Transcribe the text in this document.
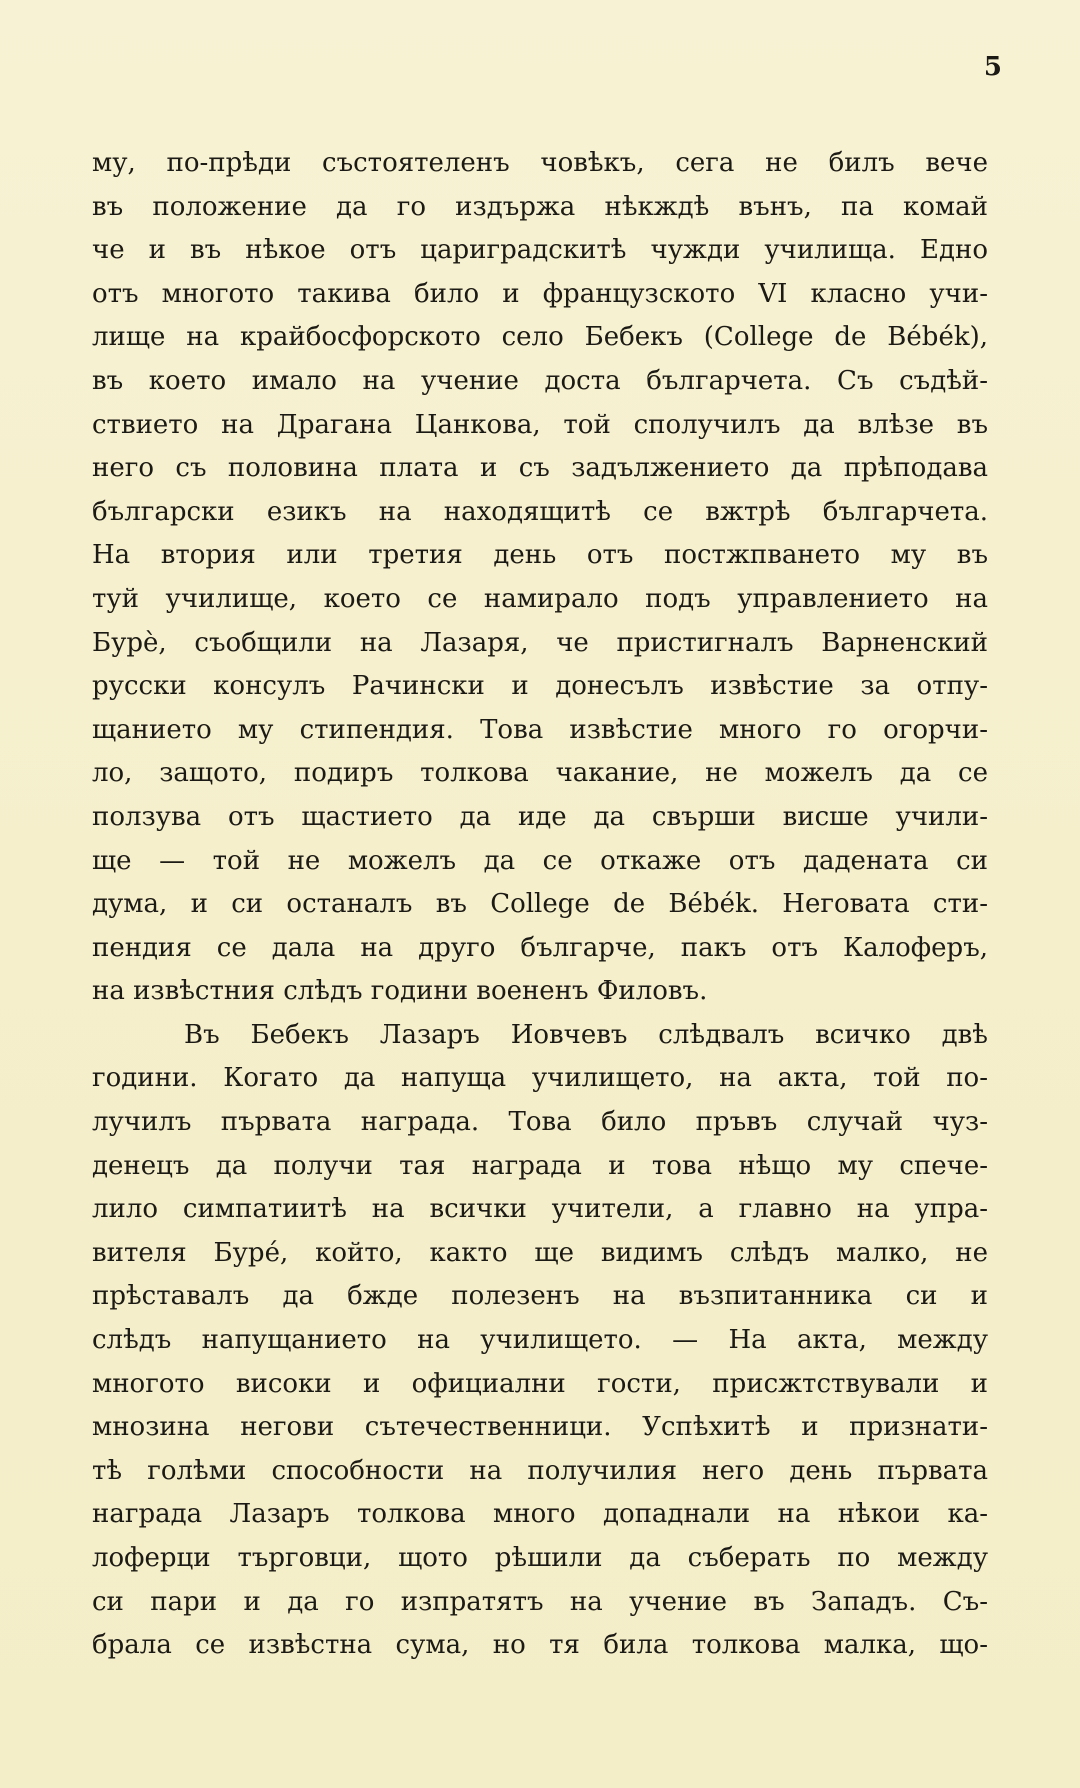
5
му, по-прѣди състоятеленъ човѣкъ, сега не билъ вече
въ положение да го издържа нѣкждѣ вънъ, па комай
че и въ нѣкое отъ цариградскитѣ чужди училища. Едно
отъ многото такива било и французското VI класно учи-
лище на крайбосфорското село Бебекъ (College de Bébék),
въ което имало на учение доста българчета. Съ съдѣй-
ствието на Драгана Цанкова, той сполучилъ да влѣзе въ
него съ половина плата и съ задължението да прѣподава
български езикъ на находящитѣ се вжтрѣ българчета.
На втория или третия день отъ постжпването му въ
туй училище, което се намирало подъ управлението на
Бурè, съобщили на Лазаря, че пристигналъ Варненский
русски консулъ Рачински и донесълъ извѣстие за отпу-
щанието му стипендия. Това извѣстие много го огорчи-
ло, защото, подиръ толкова чакание, не можелъ да се
ползува отъ щастието да иде да свърши висше учили-
ще — той не можелъ да се откаже отъ дадената си
дума, и си останалъ въ College de Bébék. Неговата сти-
пендия се дала на друго българче, пакъ отъ Калоферъ,
на извѣстния слѣдъ години воененъ Филовъ.
Въ Бебекъ Лазаръ Иовчевъ слѣдвалъ всичко двѣ
години. Когато да напуща училището, на акта, той по-
лучилъ първата награда. Това било пръвъ случай чуз-
денецъ да получи тая награда и това нѣщо му спече-
лило симпатиитѣ на всички учители, а главно на упра-
вителя Буре́, който, както ще видимъ слѣдъ малко, не
прѣставалъ да бжде полезенъ на възпитанника си и
слѣдъ напущанието на училището. — На акта, между
многото високи и официални гости, присжтствували и
мнозина негови сътечественници. Успѣхитѣ и признати-
тѣ голѣми способности на получилия него день първата
награда Лазаръ толкова много допаднали на нѣкои ка-
лоферци търговци, щото рѣшили да съберать по между
си пари и да го изпратятъ на учение въ Западъ. Съ-
брала се извѣстна сума, но тя била толкова малка, що-
